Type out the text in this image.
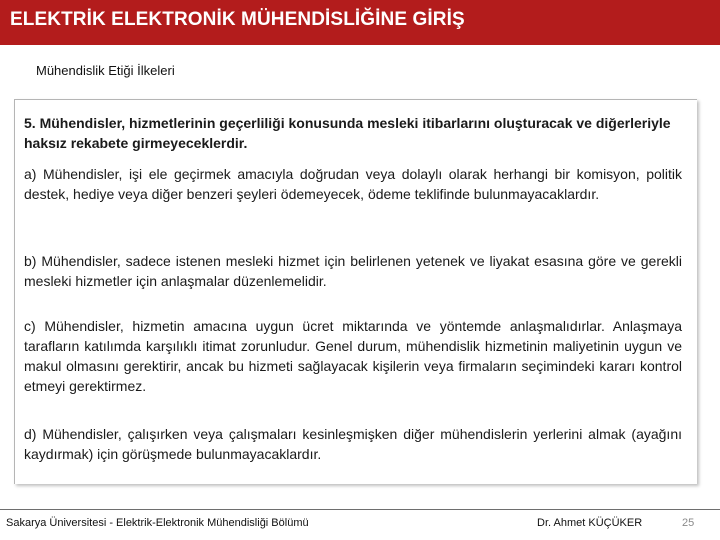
ELEKTRİK ELEKTRONİK MÜHENDİSLİĞİNE GİRİŞ
Mühendislik Etiği İlkeleri
5. Mühendisler, hizmetlerinin geçerliliği konusunda mesleki itibarlarını oluşturacak ve diğerleriyle haksız rekabete girmeyeceklerdir.
a) Mühendisler, işi ele geçirmek amacıyla doğrudan veya dolaylı olarak herhangi bir komisyon, politik destek, hediye veya diğer benzeri şeyleri ödemeyecek, ödeme teklifinde bulunmayacaklardır.
b) Mühendisler, sadece istenen mesleki hizmet için belirlenen yetenek ve liyakat esasına göre ve gerekli mesleki hizmetler için anlaşmalar düzenlemelidir.
c) Mühendisler, hizmetin amacına uygun ücret miktarında ve yöntemde anlaşmalıdırlar. Anlaşmaya tarafların katılımda karşılıklı itimat zorunludur. Genel durum, mühendislik hizmetinin maliyetinin uygun ve makul olmasını gerektirir, ancak bu hizmeti sağlayacak kişilerin veya firmaların seçimindeki kararı kontrol etmeyi gerektirmez.
d) Mühendisler, çalışırken veya çalışmaları kesinleşmişken diğer mühendislerin yerlerini almak (ayağını kaydırmak) için görüşmede bulunmayacaklardır.
Sakarya Üniversitesi - Elektrik-Elektronik Mühendisliği Bölümü	Dr. Ahmet KÜÇÜKER	25
